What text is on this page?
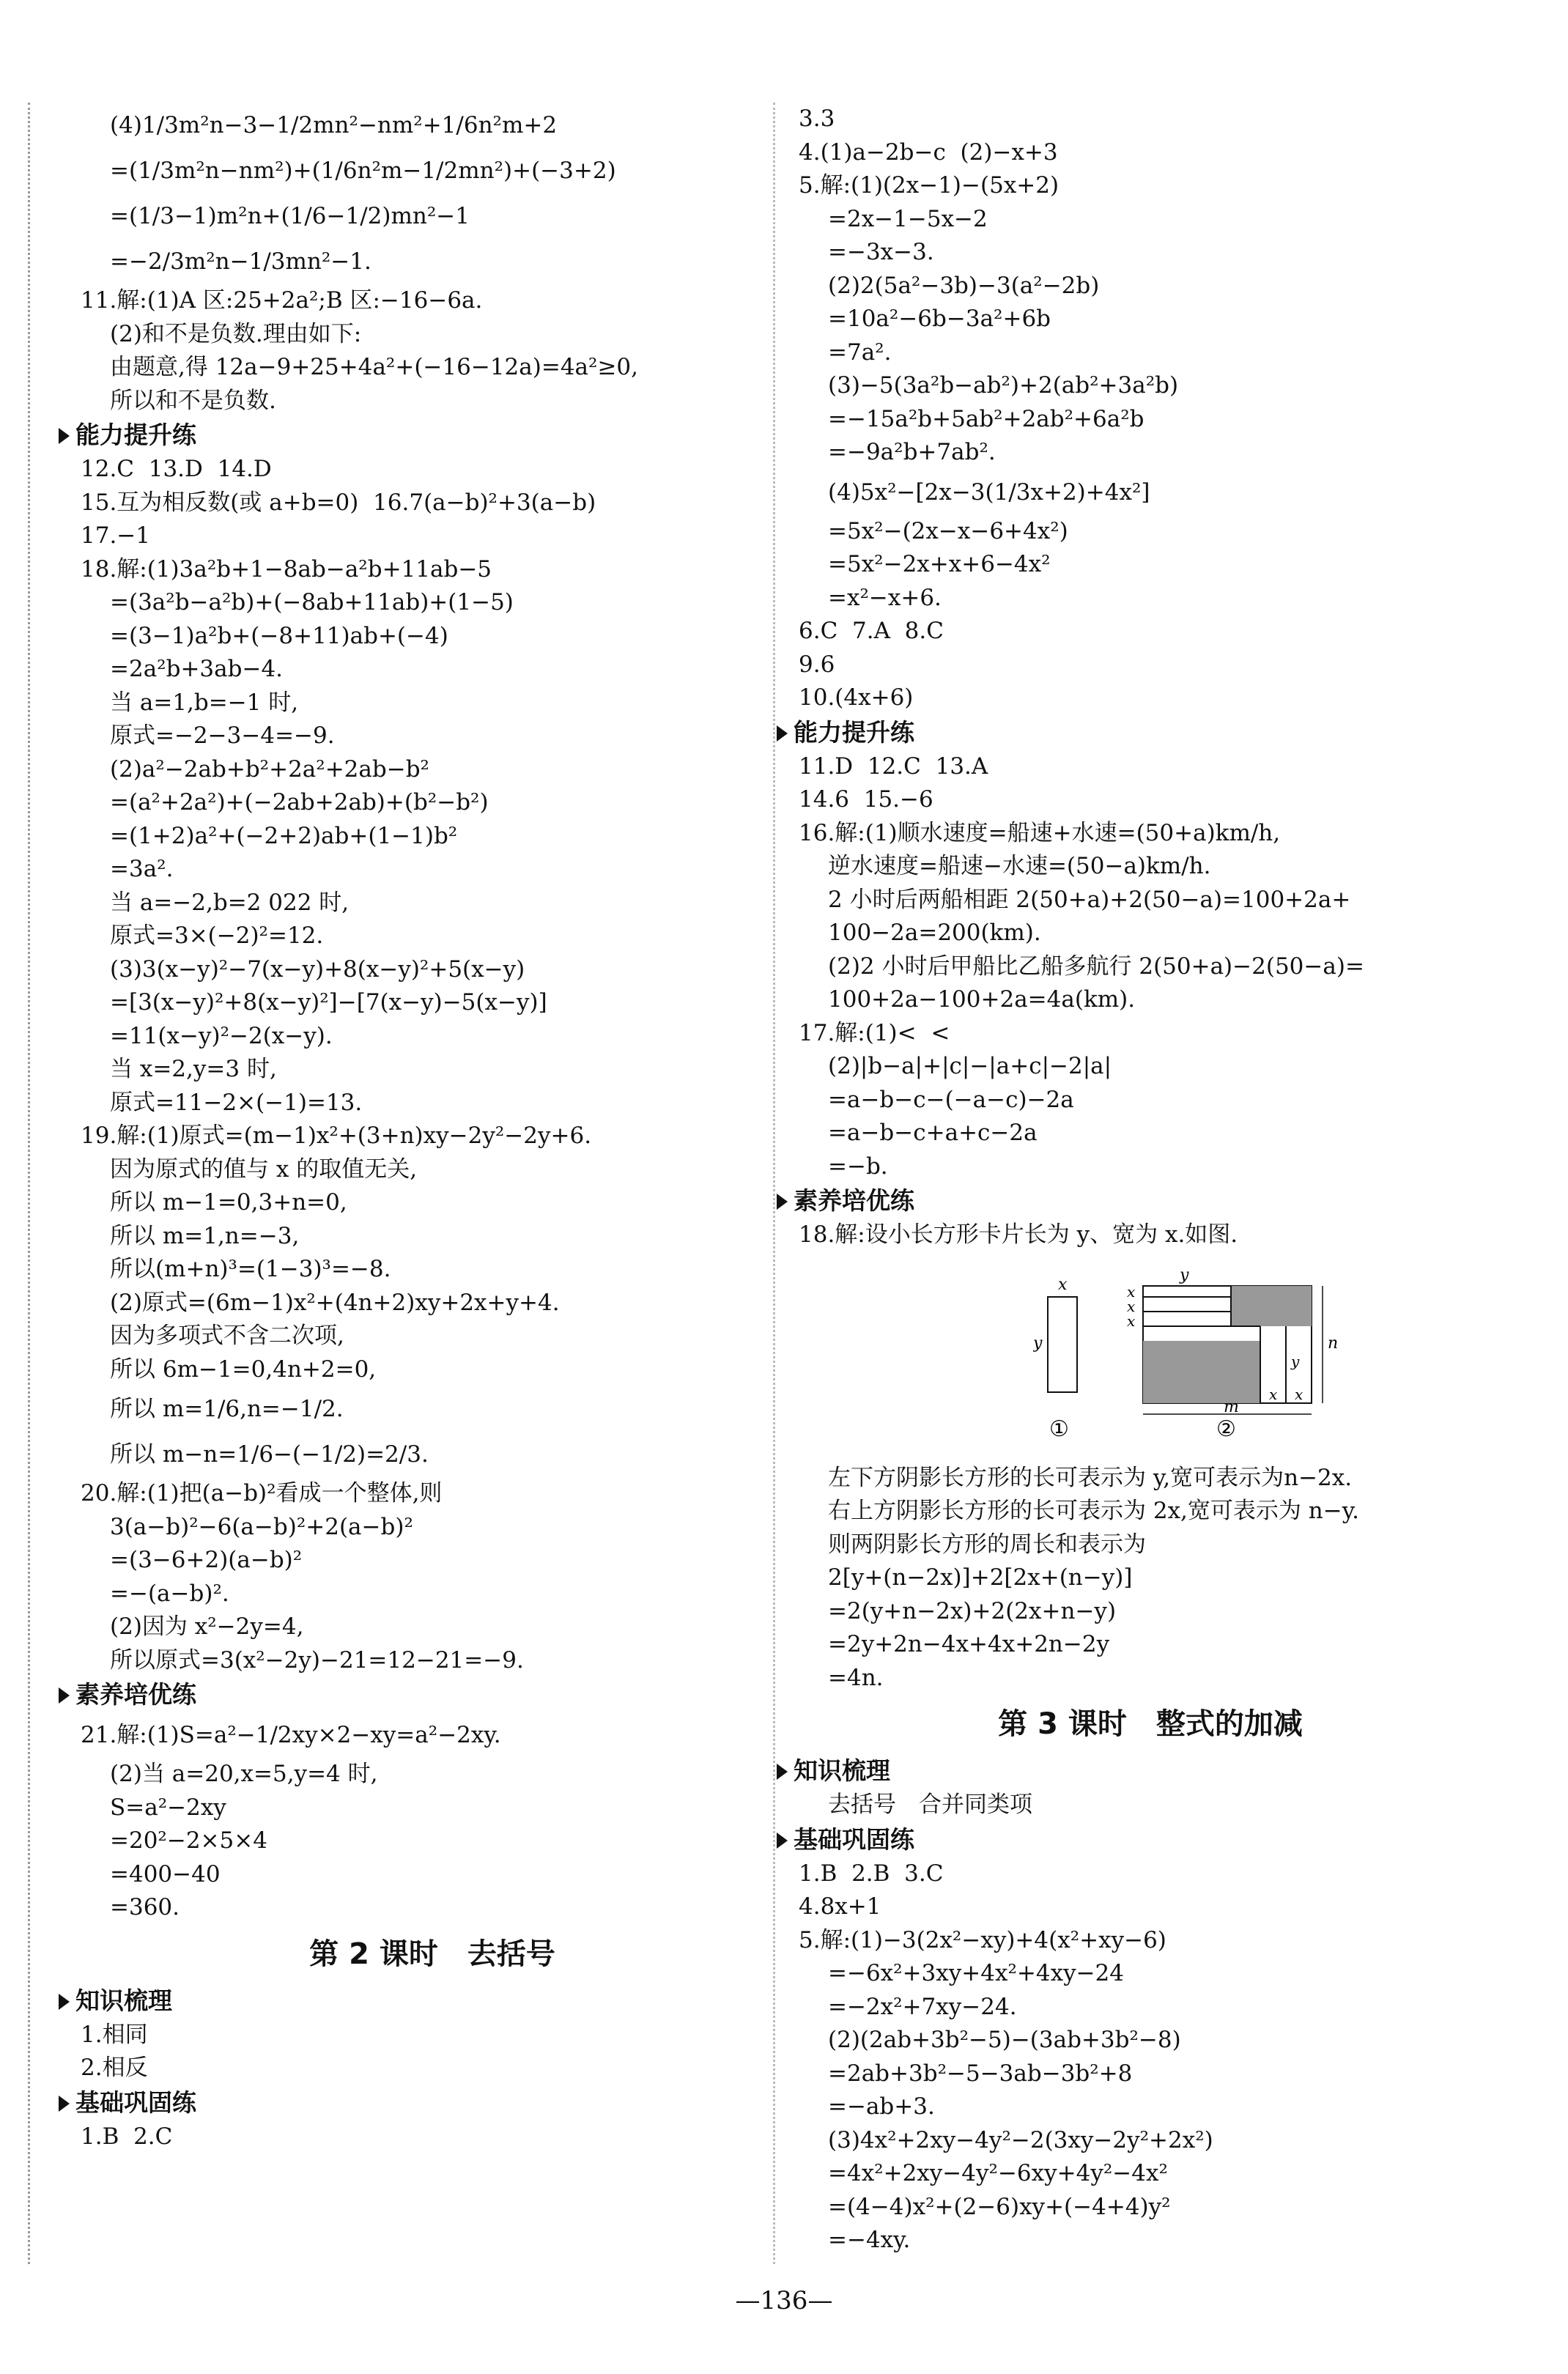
(4)1/3m²n−3−1/2mn²−nm²+1/6n²m+2
=(1/3m²n−nm²)+(1/6n²m−1/2mn²)+(−3+2)
=(1/3−1)m²n+(1/6−1/2)mn²−1
=−2/3m²n−1/3mn²−1.
11.解:(1)A 区:25+2a²;B 区:−16−6a.
(2)和不是负数.理由如下:
由题意,得 12a−9+25+4a²+(−16−12a)=4a²≥0,
所以和不是负数.
能力提升练
12.C  13.D  14.D
15.互为相反数(或 a+b=0)  16.7(a−b)²+3(a−b)
17.−1
18.解:(1)3a²b+1−8ab−a²b+11ab−5
=(3a²b−a²b)+(−8ab+11ab)+(1−5)
=(3−1)a²b+(−8+11)ab+(−4)
=2a²b+3ab−4.
当 a=1,b=−1 时,
原式=−2−3−4=−9.
(2)a²−2ab+b²+2a²+2ab−b²
=(a²+2a²)+(−2ab+2ab)+(b²−b²)
=(1+2)a²+(−2+2)ab+(1−1)b²
=3a².
当 a=−2,b=2 022 时,
原式=3×(−2)²=12.
(3)3(x−y)²−7(x−y)+8(x−y)²+5(x−y)
=[3(x−y)²+8(x−y)²]−[7(x−y)−5(x−y)]
=11(x−y)²−2(x−y).
当 x=2,y=3 时,
原式=11−2×(−1)=13.
19.解:(1)原式=(m−1)x²+(3+n)xy−2y²−2y+6.
因为原式的值与 x 的取值无关,
所以 m−1=0,3+n=0,
所以 m=1,n=−3,
所以(m+n)³=(1−3)³=−8.
(2)原式=(6m−1)x²+(4n+2)xy+2x+y+4.
因为多项式不含二次项,
所以 6m−1=0,4n+2=0,
所以 m=1/6,n=−1/2.
所以 m−n=1/6−(−1/2)=2/3.
20.解:(1)把(a−b)²看成一个整体,则
3(a−b)²−6(a−b)²+2(a−b)²
=(3−6+2)(a−b)²
=−(a−b)².
(2)因为 x²−2y=4,
所以原式=3(x²−2y)−21=12−21=−9.
素养培优练
21.解:(1)S=a²−1/2xy×2−xy=a²−2xy.
(2)当 a=20,x=5,y=4 时,
S=a²−2xy
=20²−2×5×4
=400−40
=360.
第 2 课时　去括号
知识梳理
1.相同
2.相反
基础巩固练
1.B  2.C
3.3
4.(1)a−2b−c  (2)−x+3
5.解:(1)(2x−1)−(5x+2)
=2x−1−5x−2
=−3x−3.
(2)2(5a²−3b)−3(a²−2b)
=10a²−6b−3a²+6b
=7a².
(3)−5(3a²b−ab²)+2(ab²+3a²b)
=−15a²b+5ab²+2ab²+6a²b
=−9a²b+7ab².
(4)5x²−[2x−3(1/3x+2)+4x²]
=5x²−(2x−x−6+4x²)
=5x²−2x+x+6−4x²
=x²−x+6.
6.C  7.A  8.C
9.6
10.(4x+6)
能力提升练
11.D  12.C  13.A
14.6  15.−6
16.解:(1)顺水速度=船速+水速=(50+a)km/h,
逆水速度=船速−水速=(50−a)km/h.
2 小时后两船相距 2(50+a)+2(50−a)=100+2a+
100−2a=200(km).
(2)2 小时后甲船比乙船多航行 2(50+a)−2(50−a)=
100+2a−100+2a=4a(km).
17.解:(1)<  <
(2)|b−a|+|c|−|a+c|−2|a|
=a−b−c−(−a−c)−2a
=a−b−c+a+c−2a
=−b.
素养培优练
18.解:设小长方形卡片长为 y、宽为 x.如图.
x
y
①
y
x
x
x
y
x x
m
n
②
左下方阴影长方形的长可表示为 y,宽可表示为n−2x.
右上方阴影长方形的长可表示为 2x,宽可表示为 n−y.
则两阴影长方形的周长和表示为
2[y+(n−2x)]+2[2x+(n−y)]
=2(y+n−2x)+2(2x+n−y)
=2y+2n−4x+4x+2n−2y
=4n.
第 3 课时　整式的加减
知识梳理
去括号　合并同类项
基础巩固练
1.B  2.B  3.C
4.8x+1
5.解:(1)−3(2x²−xy)+4(x²+xy−6)
=−6x²+3xy+4x²+4xy−24
=−2x²+7xy−24.
(2)(2ab+3b²−5)−(3ab+3b²−8)
=2ab+3b²−5−3ab−3b²+8
=−ab+3.
(3)4x²+2xy−4y²−2(3xy−2y²+2x²)
=4x²+2xy−4y²−6xy+4y²−4x²
=(4−4)x²+(2−6)xy+(−4+4)y²
=−4xy.
—136—
